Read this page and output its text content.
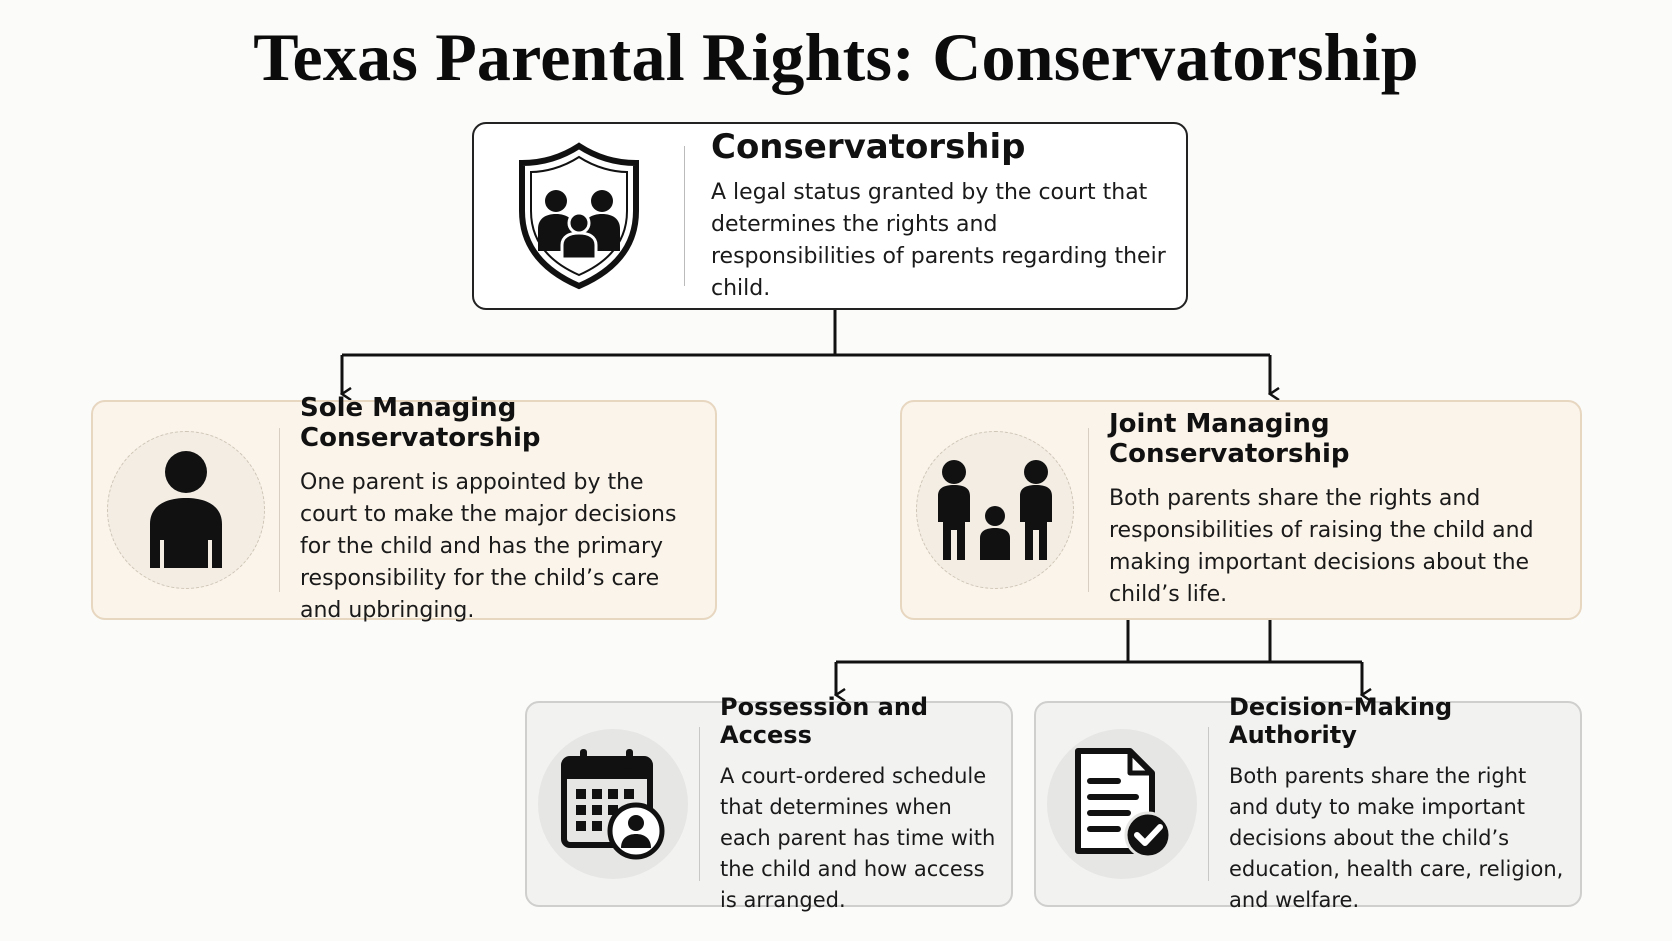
Texas Parental Rights: Conservatorship
Conservatorship

A legal status granted by the court that determines the rights and responsibilities of parents regarding their child.

Sole Managing Conservatorship

One parent is appointed by the court to make the major decisions for the child and has the primary responsibility for the child’s care and upbringing.

Joint Managing Conservatorship

Both parents share the rights and responsibilities of raising the child and making important decisions about the child’s life.

Possession and Access

A court-ordered schedule that determines when each parent has time with the child and how access is arranged.

Decision-Making Authority

Both parents share the right and duty to make important decisions about the child’s education, health care, religion, and welfare.
